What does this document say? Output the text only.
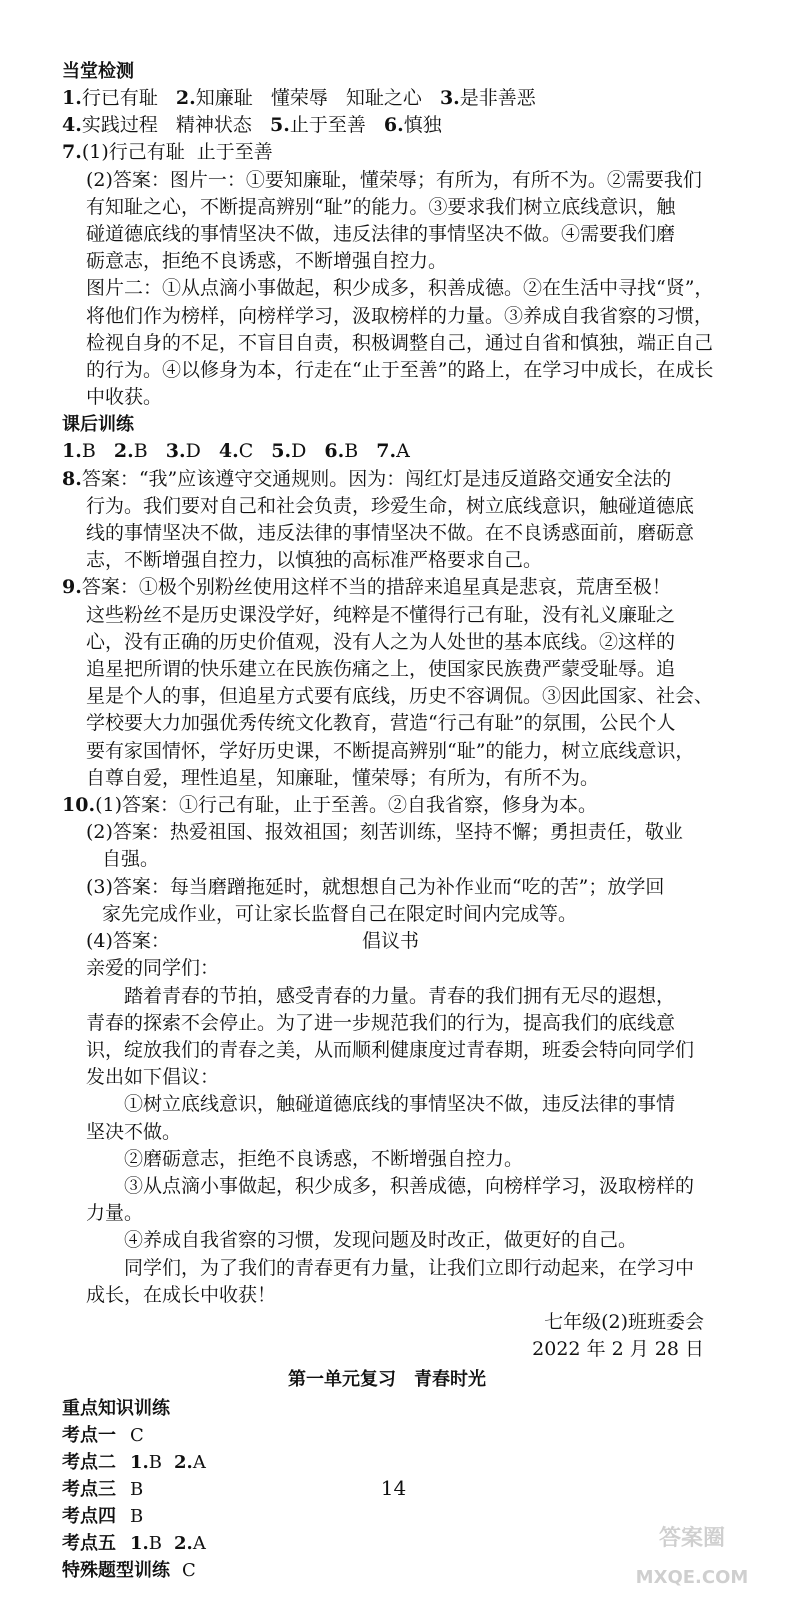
当堂检测
1.行已有耻 2.知廉耻 懂荣辱 知耻之心 3.是非善恶
4.实践过程 精神状态 5.止于至善 6.慎独
7.(1)行己有耻 止于至善
(2)答案：图片一：①要知廉耻，懂荣辱；有所为，有所不为。②需要我们
有知耻之心，不断提高辨别“耻”的能力。③要求我们树立底线意识，触
碰道德底线的事情坚决不做，违反法律的事情坚决不做。④需要我们磨
砺意志，拒绝不良诱惑，不断增强自控力。
图片二：①从点滴小事做起，积少成多，积善成德。②在生活中寻找“贤”，
将他们作为榜样，向榜样学习，汲取榜样的力量。③养成自我省察的习惯，
检视自身的不足，不盲目自责，积极调整自己，通过自省和慎独，端正自己
的行为。④以修身为本，行走在“止于至善”的路上，在学习中成长，在成长
中收获。
课后训练
1.B 2.B 3.D 4.C 5.D 6.B 7.A
8.答案：“我”应该遵守交通规则。因为：闯红灯是违反道路交通安全法的
行为。我们要对自己和社会负责，珍爱生命，树立底线意识，触碰道德底
线的事情坚决不做，违反法律的事情坚决不做。在不良诱惑面前，磨砺意
志，不断增强自控力，以慎独的高标准严格要求自己。
9.答案：①极个别粉丝使用这样不当的措辞来追星真是悲哀，荒唐至极！
这些粉丝不是历史课没学好，纯粹是不懂得行己有耻，没有礼义廉耻之
心，没有正确的历史价值观，没有人之为人处世的基本底线。②这样的
追星把所谓的快乐建立在民族伤痛之上，使国家民族费严蒙受耻辱。追
星是个人的事，但追星方式要有底线，历史不容调侃。③因此国家、社会、
学校要大力加强优秀传统文化教育，营造“行己有耻”的氛围，公民个人
要有家国情怀，学好历史课，不断提高辨别“耻”的能力，树立底线意识，
自尊自爱，理性追星，知廉耻，懂荣辱；有所为，有所不为。
10.(1)答案：①行己有耻，止于至善。②自我省察，修身为本。
(2)答案：热爱祖国、报效祖国；刻苦训练，坚持不懈；勇担责任，敬业
自强。
(3)答案：每当磨蹭拖延时，就想想自己为补作业而“吃的苦”；放学回
家先完成作业，可让家长监督自己在限定时间内完成等。
(4)答案：	倡议书
亲爱的同学们：
踏着青春的节拍，感受青春的力量。青春的我们拥有无尽的遐想，
青春的探索不会停止。为了进一步规范我们的行为，提高我们的底线意
识，绽放我们的青春之美，从而顺利健康度过青春期，班委会特向同学们
发出如下倡议：
①树立底线意识，触碰道德底线的事情坚决不做，违反法律的事情
坚决不做。
②磨砺意志，拒绝不良诱惑，不断增强自控力。
③从点滴小事做起，积少成多，积善成德，向榜样学习，汲取榜样的
力量。
④养成自我省察的习惯，发现问题及时改正，做更好的自己。
同学们，为了我们的青春更有力量，让我们立即行动起来，在学习中
成长，在成长中收获！
七年级(2)班班委会
2022 年 2 月 28 日
第一单元复习　青春时光
重点知识训练
考点一 C
考点二 1.B 2.A
考点三 B
考点四 B
考点五 1.B 2.A
特殊题型训练 C
14
答案圈
MXQE.COM
